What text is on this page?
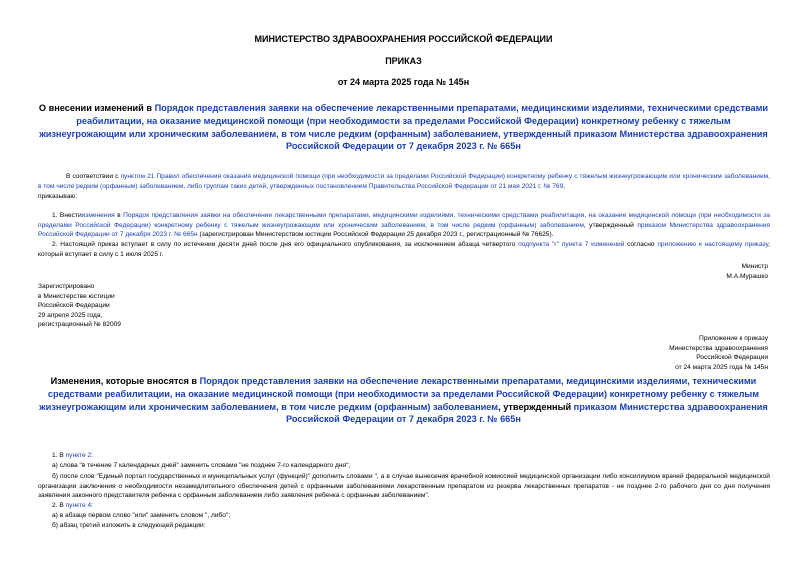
МИНИСТЕРСТВО ЗДРАВООХРАНЕНИЯ РОССИЙСКОЙ ФЕДЕРАЦИИ
ПРИКАЗ
от 24 марта 2025 года № 145н
О внесении изменений в Порядок представления заявки на обеспечение лекарственными препаратами, медицинскими изделиями, техническими средствами реабилитации, на оказание медицинской помощи (при необходимости за пределами Российской Федерации) конкретному ребенку с тяжелым жизнеугрожающим или хроническим заболеванием, в том числе редким (орфанным) заболеванием, утвержденный приказом Министерства здравоохранения Российской Федерации от 7 декабря 2023 г. № 665н
В соответствии с пунктом 21 Правил обеспечения оказания медицинской помощи (при необходимости за пределами Российской Федерации) конкретному ребенку с тяжелым жизнеугрожающим или хроническим заболеванием, в том числе редким (орфанным) заболеванием, либо группам таких детей, утвержденных постановлением Правительства Российской Федерации от 21 мая 2021 г. № 769,
приказываю:
1. Внестиизменения в Порядок представления заявки на обеспечение лекарственными препаратами, медицинскими изделиями, техническими средствами реабилитации, на оказание медицинской помощи (при необходимости за пределами Российской Федерации) конкретному ребенку с тяжелым жизнеугрожающим или хроническим заболеванием, в том числе редким (орфанным) заболеванием, утвержденный приказом Министерства здравоохранения Российской Федерации от 7 декабря 2023 г. № 665н (зарегистрирован Министерством юстиции Российской Федерации 25 декабря 2023 г., регистрационный № 76625).
2. Настоящий приказ вступает в силу по истечении десяти дней после дня его официального опубликования, за исключением абзаца четвертого подпункта "г" пункта 7 изменений согласно приложению к настоящему приказу, который вступает в силу с 1 июля 2025 г.
Министр
М.А.Мурашко
Зарегистрировано
в Министерстве юстиции
Российской Федерации
29 апреля 2025 года,
регистрационный № 82009
Приложение к приказу
Министерства здравоохранения
Российской Федерации
от 24 марта 2025 года № 145н
Изменения, которые вносятся в Порядок представления заявки на обеспечение лекарственными препаратами, медицинскими изделиями, техническими средствами реабилитации, на оказание медицинской помощи (при необходимости за пределами Российской Федерации) конкретному ребенку с тяжелым жизнеугрожающим или хроническим заболеванием, в том числе редким (орфанным) заболеванием, утвержденный приказом Министерства здравоохранения Российской Федерации от 7 декабря 2023 г. № 665н
1. В пункте 2:
а) слова "в течение 7 календарных дней" заменить словами "не позднее 7-го календарного дня";
б) после слов "Единый портал государственных и муниципальных услуг (функций)" дополнить словами ", а в случае вынесения врачебной комиссией медицинской организации либо консилиумом врачей федеральной медицинской организации заключения о необходимости незамедлительного обеспечения детей с орфанными заболеваниями лекарственным препаратом из резерва лекарственных препаратов - не позднее 2-го рабочего дня со дня получения заявления законного представителя ребенка с орфанным заболеванием либо заявления ребенка с орфанным заболеванием".
2. В пункте 4:
а) в абзаце первом слово "или" заменить словом ", либо";
б) абзац третий изложить в следующей редакции:
